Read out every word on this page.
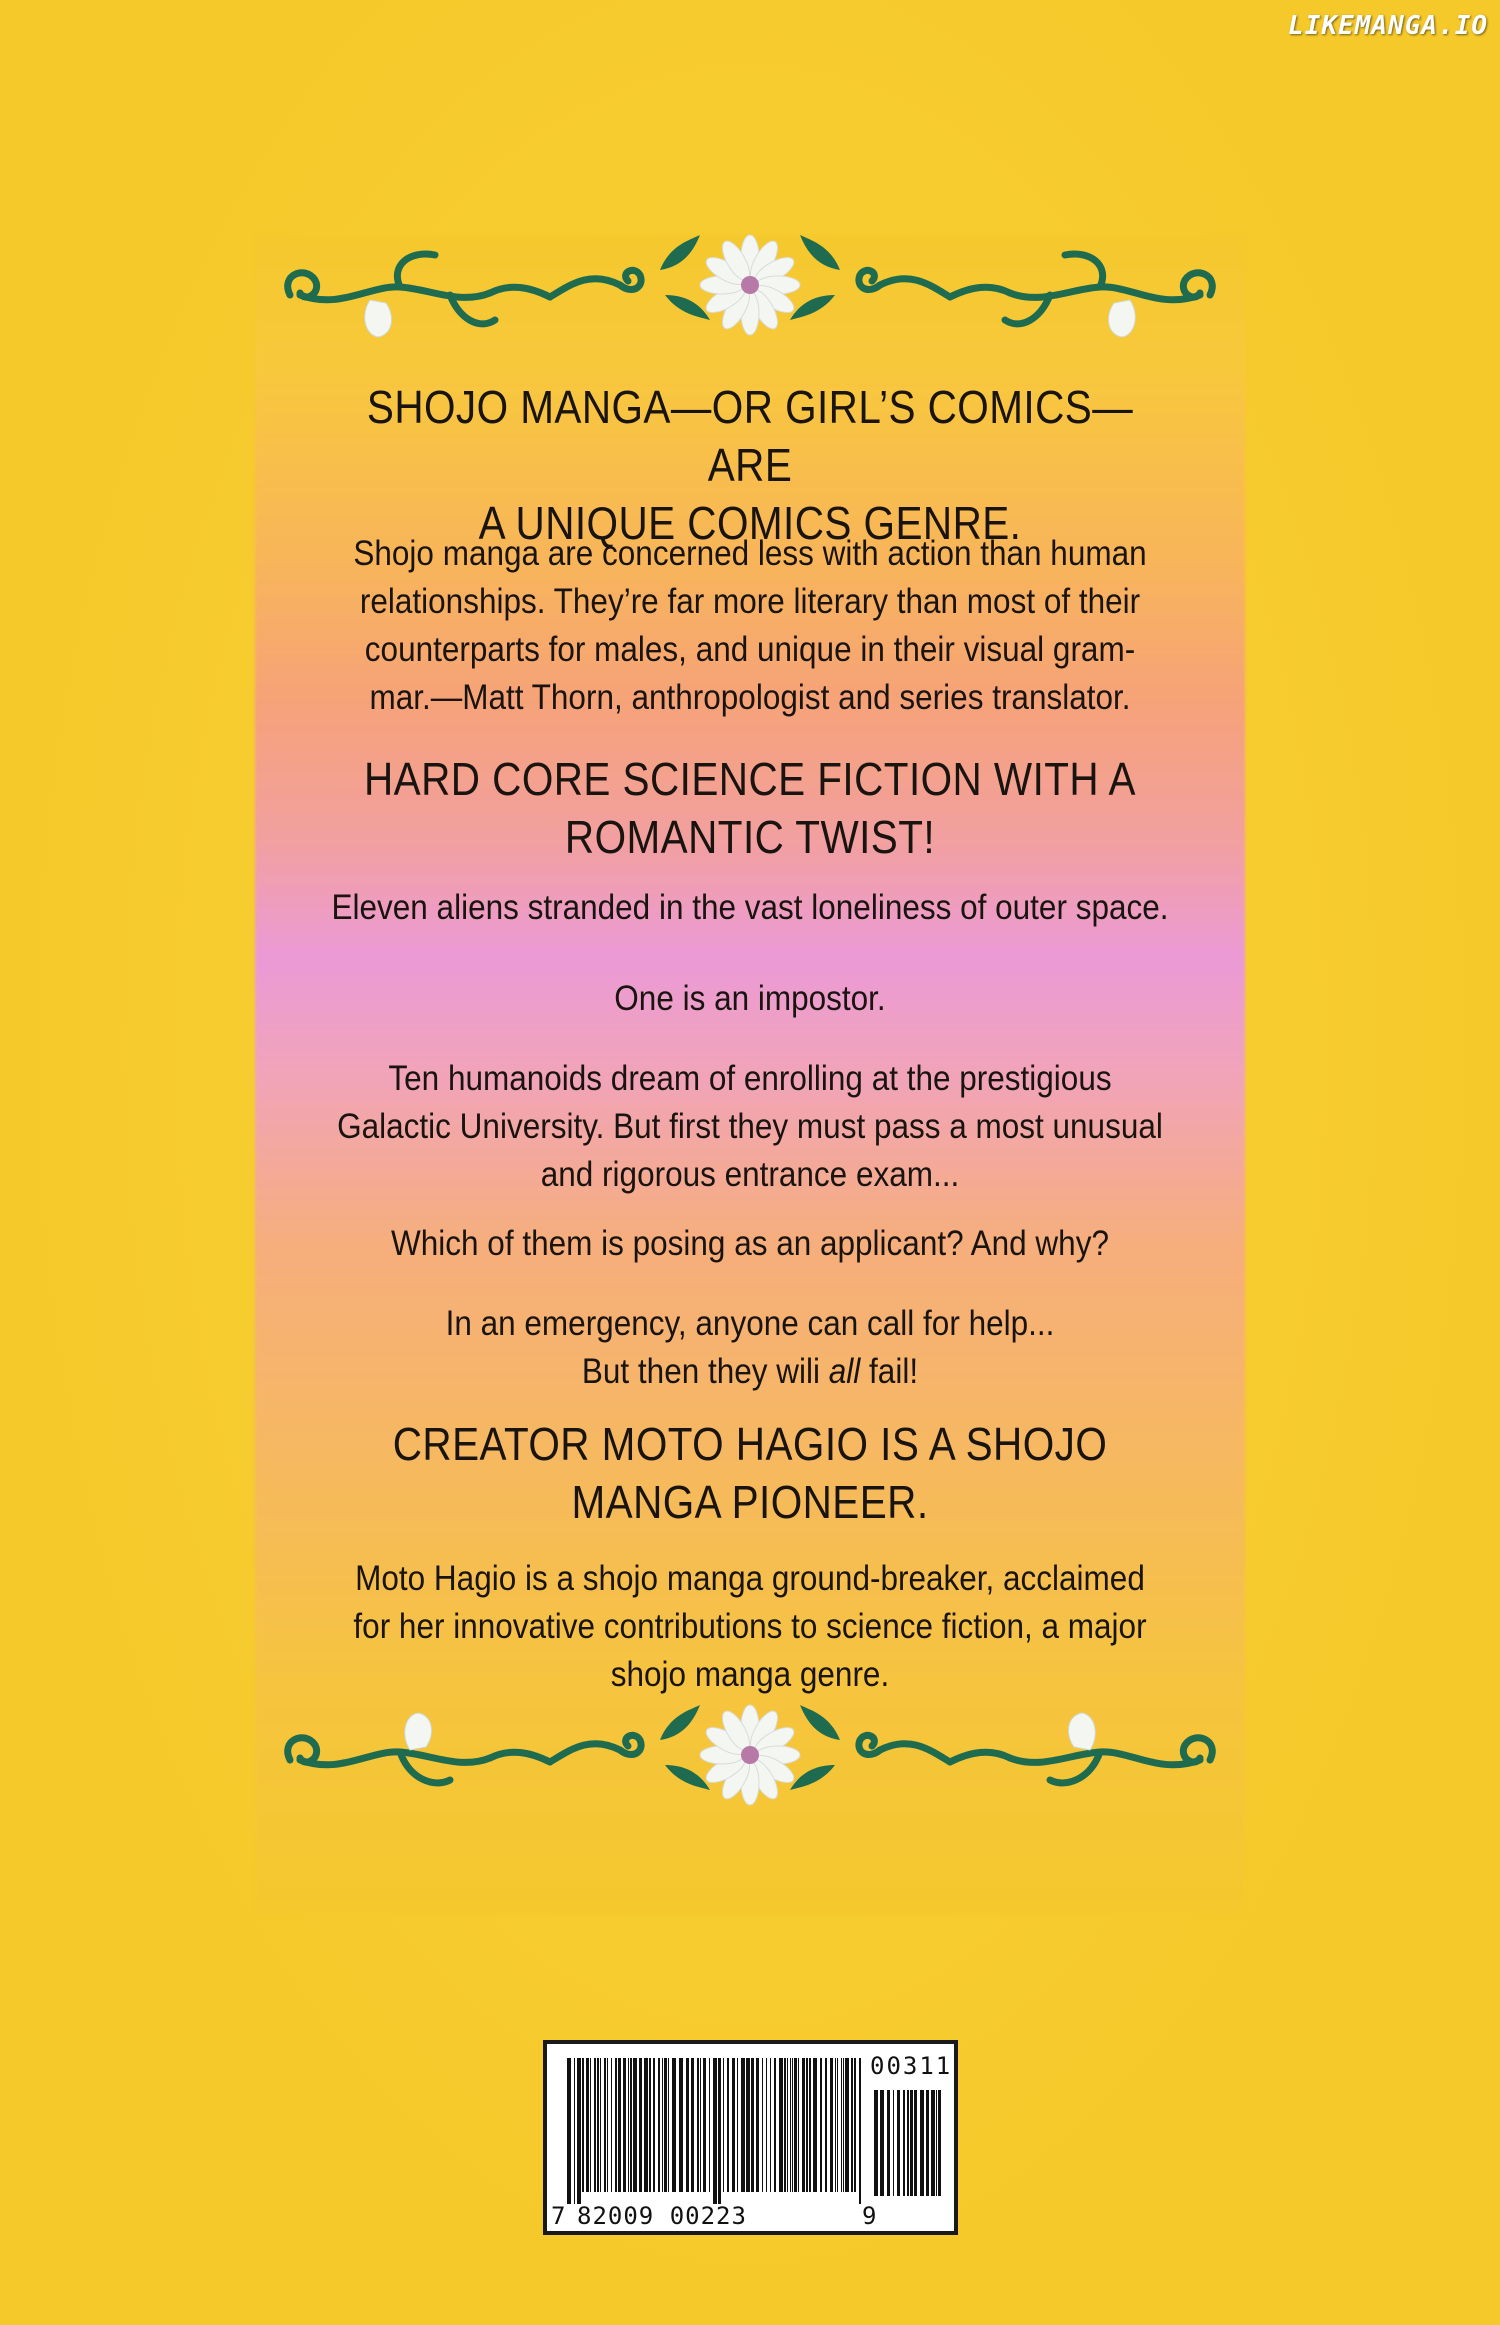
LIKEMANGA.IO

SHOJO MANGA—OR GIRL’S COMICS—ARE

A UNIQUE COMICS GENRE.

Shojo manga are concerned less with action than human

relationships. They’re far more literary than most of their

counterparts for males, and unique in their visual gram-

mar.—Matt Thorn, anthropologist and series translator.

HARD CORE SCIENCE FICTION WITH A

ROMANTIC TWIST!

Eleven aliens stranded in the vast loneliness of outer space.

One is an impostor.

Ten humanoids dream of enrolling at the prestigious

Galactic University. But first they must pass a most unusual

and rigorous entrance exam...

Which of them is posing as an applicant? And why?

In an emergency, anyone can call for help...

But then they wili all fail!

CREATOR MOTO HAGIO IS A SHOJO

MANGA PIONEER.

Moto Hagio is a shojo manga ground-breaker, acclaimed

for her innovative contributions to science fiction, a major

shojo manga genre.

00311
7 82009 00223	9
